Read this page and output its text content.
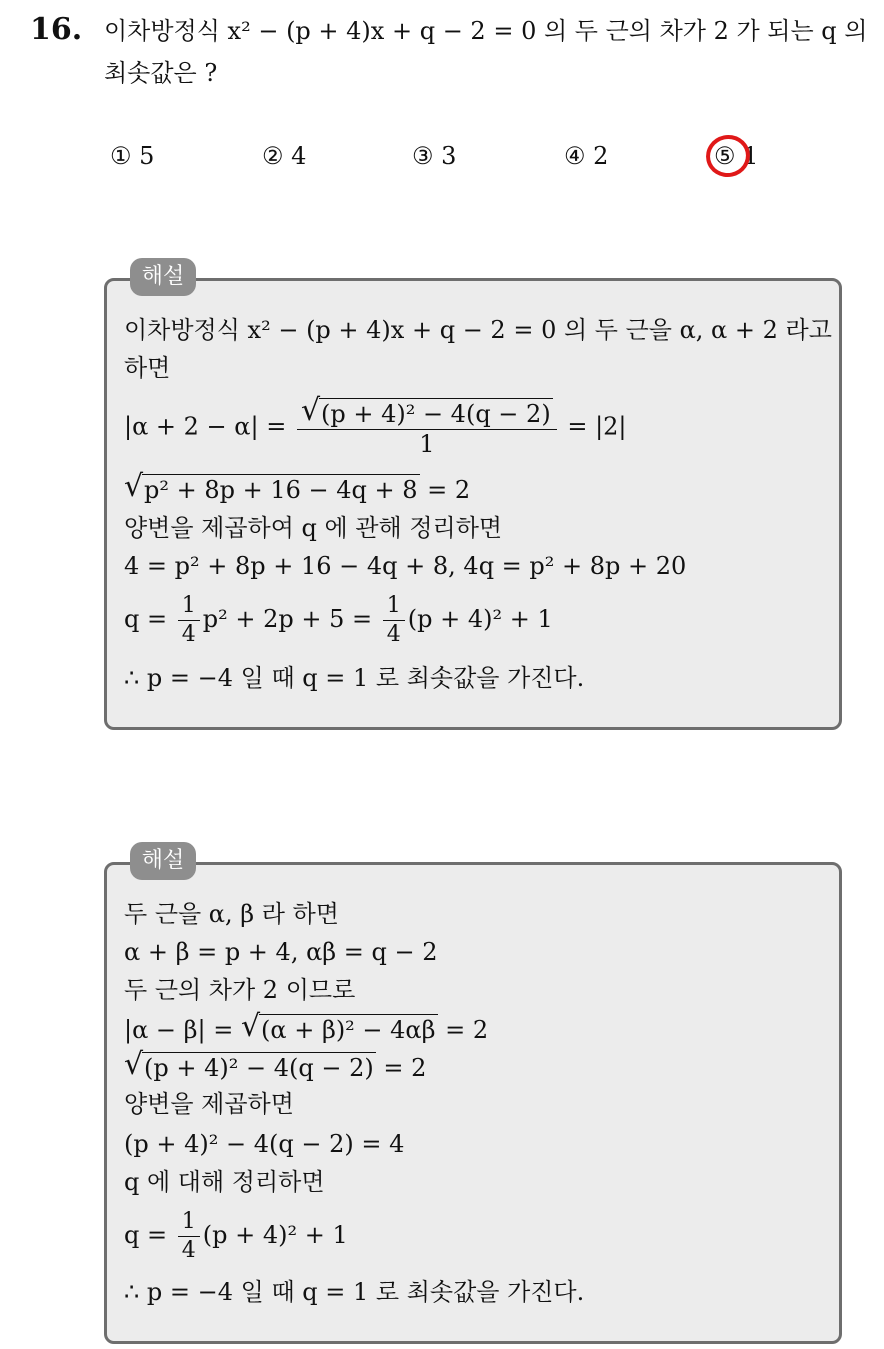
16. 이차방정식 x² − (p + 4)x + q − 2 = 0 의 두 근의 차가 2 가 되는 q 의
최솟값은 ?
① 5	② 4	③ 3	④ 2	⑤ 1
해설
이차방정식 x² − (p + 4)x + q − 2 = 0 의 두 근을 α, α + 2 라고
하면
$|\alpha + 2 - \alpha| = \frac{\text{√ (p + 4)² − 4(q − 2)}}{1} = |2|$
√ p² + 8p + 16 − 4q + 8 = 2
양변을 제곱하여 q 에 관해 정리하면
4 = p² + 8p + 16 − 4q + 8, 4q = p² + 8p + 20
$q = \frac{1}{4} p^2 + 2p + 5 = \frac{1}{4} (p + 4)^2 + 1$
∴ p = −4 일 때 q = 1 로 최솟값을 가진다.
해설
두 근을 α, β 라 하면
α + β = p + 4, αβ = q − 2
두 근의 차가 2 이므로
|α − β| = √ (α + β)² − 4αβ = 2
√ (p + 4)² − 4(q − 2) = 2
양변을 제곱하면
(p + 4)² − 4(q − 2) = 4
q 에 대해 정리하면
$q = \frac{1}{4} (p + 4)^2 + 1$
∴ p = −4 일 때 q = 1 로 최솟값을 가진다.
